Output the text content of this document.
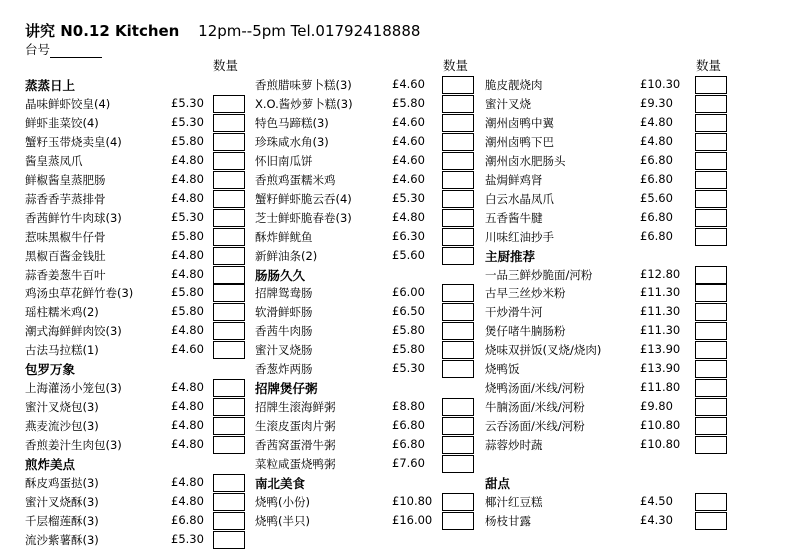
讲究 N0.12 Kitchen 12pm--5pm Tel.01792418888
台号
数量
蒸蒸日上
晶味鲜虾饺皇(4)	£5.30
鲜虾韭菜饺(4)	£5.30
蟹籽玉带烧卖皇(4)	£5.80
酱皇蒸凤爪	£4.80
鲜椒酱皇蒸肥肠	£4.80
蒜香香芋蒸排骨	£4.80
香茜鲜竹牛肉球(3)	£5.30
惹味黑椒牛仔骨	£5.80
黑椒百酱金钱肚	£4.80
蒜香姜葱牛百叶	£4.80
鸡汤虫草花鲜竹卷(3)	£5.80
瑶柱糯米鸡(2)	£5.80
潮式海鲜鲜肉饺(3)	£4.80
古法马拉糕(1)	£4.60
包罗万象
上海灌汤小笼包(3)	£4.80
蜜汁叉烧包(3)	£4.80
燕麦流沙包(3)	£4.80
香煎姜汁生肉包(3)	£4.80
煎炸美点
酥皮鸡蛋挞(3)	£4.80
蜜汁叉烧酥(3)	£4.80
千层榴莲酥(3)	£6.80
流沙紫薯酥(3)	£5.30
数量
香煎腊味萝卜糕(3)	£4.60
X.O.酱炒萝卜糕(3)	£5.80
特色马蹄糕(3)	£4.60
珍珠咸水角(3)	£4.60
怀旧南瓜饼	£4.60
香煎鸡蛋糯米鸡	£4.60
蟹籽鲜虾脆云吞(4)	£5.30
芝士鲜虾脆春卷(3)	£4.80
酥炸鲜鱿鱼	£6.30
新鲜油条(2)	£5.60
肠肠久久
招牌鸳鸯肠	£6.00
软滑鲜虾肠	£6.50
香茜牛肉肠	£5.80
蜜汁叉烧肠	£5.80
香葱炸两肠	£5.30
招牌煲仔粥
招牌生滚海鲜粥	£8.80
生滚皮蛋肉片粥	£6.80
香茜窝蛋滑牛粥	£6.80
菜粒咸蛋烧鸭粥	£7.60
南北美食
烧鸭(小份)	£10.80
烧鸭(半只)	£16.00
数量
脆皮靓烧肉	£10.30
蜜汁叉烧	£9.30
潮州卤鸭中翼	£4.80
潮州卤鸭下巴	£4.80
潮州卤水肥肠头	£6.80
盐焗鲜鸡肾	£6.80
白云水晶凤爪	£5.60
五香酱牛腱	£6.80
川味红油抄手	£6.80
主厨推荐
一品三鲜炒脆面/河粉	£12.80
古早三丝炒米粉	£11.30
干炒滑牛河	£11.30
煲仔啫牛腩肠粉	£11.30
烧味双拼饭(叉烧/烧肉)	£13.90
烧鸭饭	£13.90
烧鸭汤面/米线/河粉	£11.80
牛腩汤面/米线/河粉	£9.80
云吞汤面/米线/河粉	£10.80
蒜蓉炒时蔬	£10.80
甜点
椰汁红豆糕	£4.50
杨枝甘露	£4.30
